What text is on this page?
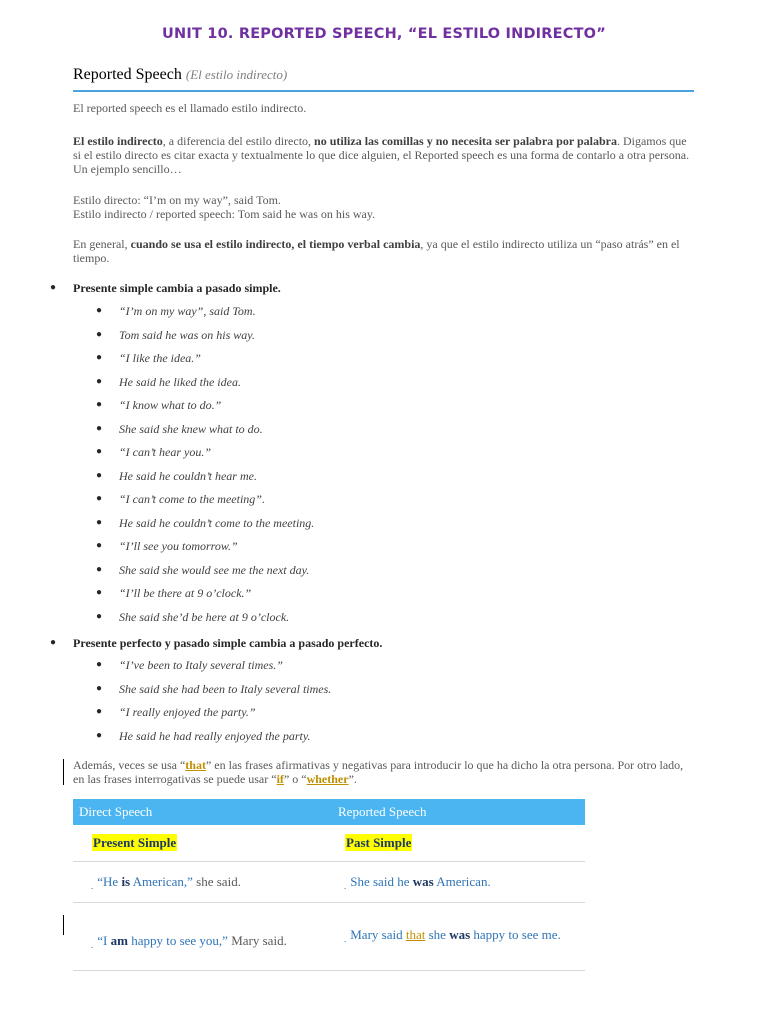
UNIT 10. REPORTED SPEECH, “EL ESTILO INDIRECTO”
Reported Speech (El estilo indirecto)
El reported speech es el llamado estilo indirecto.
El estilo indirecto, a diferencia del estilo directo, no utiliza las comillas y no necesita ser palabra por palabra. Digamos que si el estilo directo es citar exacta y textualmente lo que dice alguien, el Reported speech es una forma de contarlo a otra persona. Un ejemplo sencillo…
Estilo directo: “I’m on my way”, said Tom.
Estilo indirecto / reported speech: Tom said he was on his way.
En general, cuando se usa el estilo indirecto, el tiempo verbal cambia, ya que el estilo indirecto utiliza un “paso atrás” en el tiempo.
● Presente simple cambia a pasado simple.
● “I’m on my way”, said Tom.
● Tom said he was on his way.
● “I like the idea.”
● He said he liked the idea.
● “I know what to do.”
● She said she knew what to do.
● “I can’t hear you.”
● He said he couldn’t hear me.
● “I can’t come to the meeting”.
● He said he couldn’t come to the meeting.
● “I’ll see you tomorrow.”
● She said she would see me the next day.
● “I’ll be there at 9 o’clock.”
● She said she’d be here at 9 o’clock.
● Presente perfecto y pasado simple cambia a pasado perfecto.
● “I’ve been to Italy several times.”
● She said she had been to Italy several times.
● “I really enjoyed the party.”
● He said he had really enjoyed the party.
Además, veces se usa “that” en las frases afirmativas y negativas para introducir lo que ha dicho la otra persona. Por otro lado, en las frases interrogativas se puede usar “if” o “whether”.
Direct Speech	Reported Speech
Present Simple	Past Simple
$_.$ “He is American,” she said.	$_.$ She said he was American.
$_.$ “I am happy to see you,” Mary said.	$_.$ Mary said that she was happy to see me.
